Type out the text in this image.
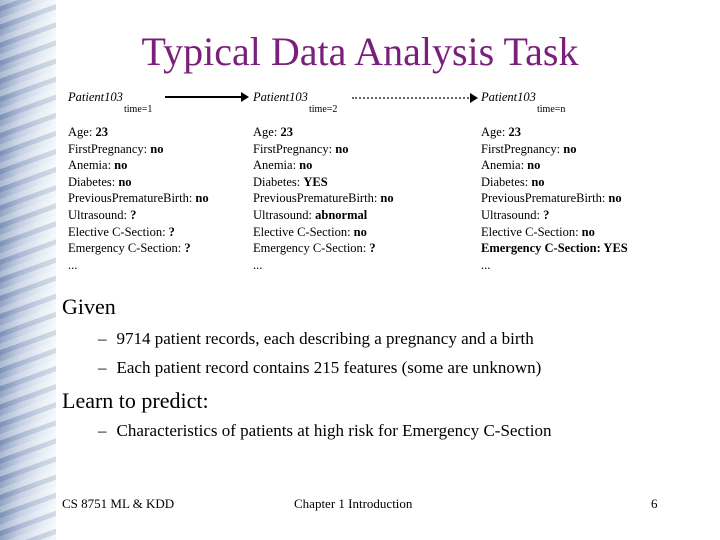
Typical Data Analysis Task
Patient103
time=1
Age: 23
FirstPregnancy: no
Anemia: no
Diabetes: no
PreviousPrematureBirth: no
Ultrasound: ?
Elective C-Section: ?
Emergency C-Section: ?
...
Patient103
time=2
Age: 23
FirstPregnancy: no
Anemia: no
Diabetes: YES
PreviousPrematureBirth: no
Ultrasound: abnormal
Elective C-Section: no
Emergency C-Section: ?
...
Patient103
time=n
Age: 23
FirstPregnancy: no
Anemia: no
Diabetes: no
PreviousPrematureBirth: no
Ultrasound: ?
Elective C-Section: no
Emergency C-Section: YES
...
Given
– 9714 patient records, each describing a pregnancy and a birth
– Each patient record contains 215 features (some are unknown)
Learn to predict:
– Characteristics of patients at high risk for Emergency C-Section
CS 8751 ML & KDD	Chapter 1 Introduction	6
